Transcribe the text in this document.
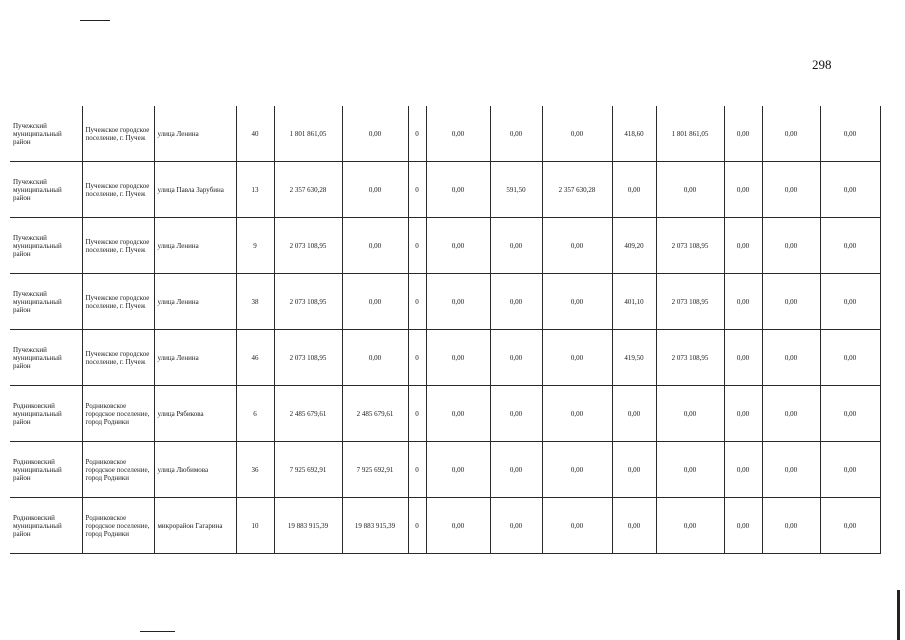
298
Пучежский муниципальный район	Пучежское городское поселение, г. Пучеж	улица Ленина	40	1 801 861,05	0,00	0	0,00	0,00	0,00	418,60	1 801 861,05	0,00	0,00	0,00
Пучежский муниципальный район	Пучежское городское поселение, г. Пучеж	улица Павла Зарубина	13	2 357 630,28	0,00	0	0,00	591,50	2 357 630,28	0,00	0,00	0,00	0,00	0,00
Пучежский муниципальный район	Пучежское городское поселение, г. Пучеж	улица Ленина	9	2 073 108,95	0,00	0	0,00	0,00	0,00	409,20	2 073 108,95	0,00	0,00	0,00
Пучежский муниципальный район	Пучежское городское поселение, г. Пучеж	улица Ленина	38	2 073 108,95	0,00	0	0,00	0,00	0,00	401,10	2 073 108,95	0,00	0,00	0,00
Пучежский муниципальный район	Пучежское городское поселение, г. Пучеж	улица Ленина	46	2 073 108,95	0,00	0	0,00	0,00	0,00	419,50	2 073 108,95	0,00	0,00	0,00
Родниковский муниципальный район	Родниковское городское поселение, город Родники	улица Рябикова	6	2 485 679,61	2 485 679,61	0	0,00	0,00	0,00	0,00	0,00	0,00	0,00	0,00
Родниковский муниципальный район	Родниковское городское поселение, город Родники	улица Любимова	36	7 925 692,91	7 925 692,91	0	0,00	0,00	0,00	0,00	0,00	0,00	0,00	0,00
Родниковский муниципальный район	Родниковское городское поселение, город Родники	микрорайон Гагарина	10	19 883 915,39	19 883 915,39	0	0,00	0,00	0,00	0,00	0,00	0,00	0,00	0,00
